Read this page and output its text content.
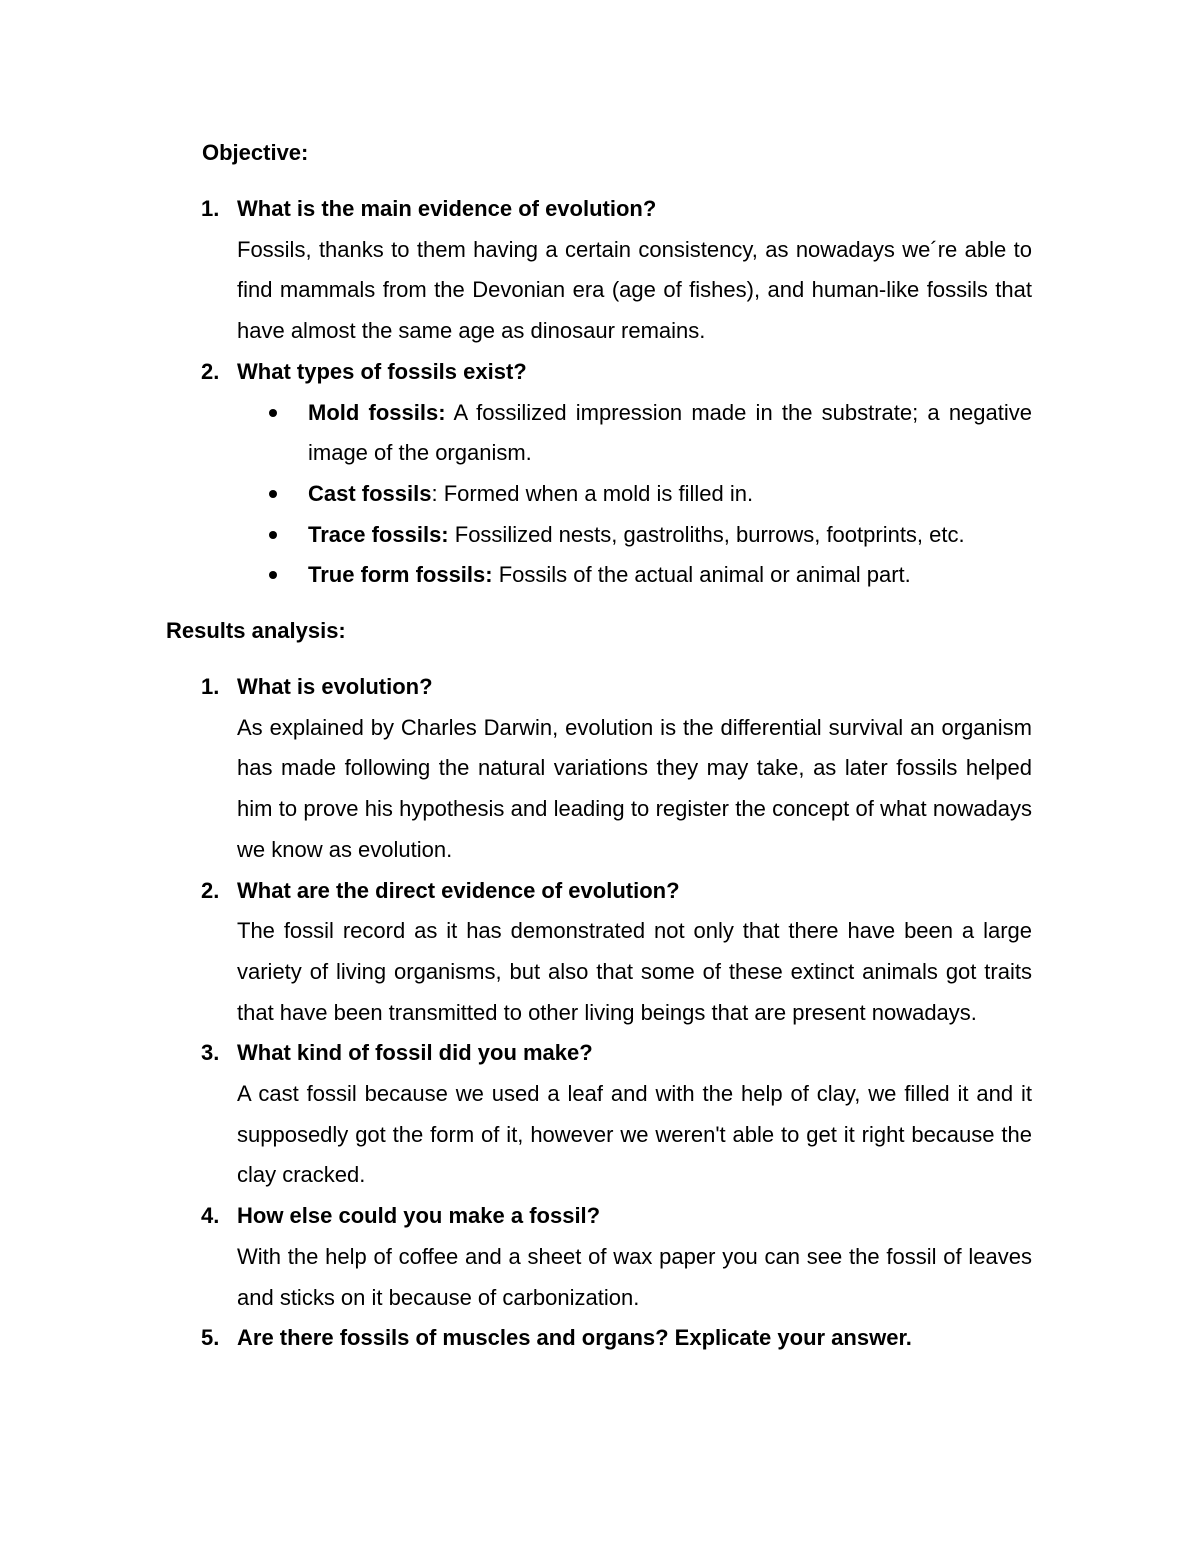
Objective:
1. What is the main evidence of evolution?
Fossils, thanks to them having a certain consistency, as nowadays we´re able to find mammals from the Devonian era (age of fishes), and human-like fossils that have almost the same age as dinosaur remains.
2. What types of fossils exist?
Mold fossils: A fossilized impression made in the substrate; a negative image of the organism.
Cast fossils: Formed when a mold is filled in.
Trace fossils: Fossilized nests, gastroliths, burrows, footprints, etc.
True form fossils: Fossils of the actual animal or animal part.
Results analysis:
1. What is evolution?
As explained by Charles Darwin, evolution is the differential survival an organism has made following the natural variations they may take, as later fossils helped him to prove his hypothesis and leading to register the concept of what nowadays we know as evolution.
2. What are the direct evidence of evolution?
The fossil record as it has demonstrated not only that there have been a large variety of living organisms, but also that some of these extinct animals got traits that have been transmitted to other living beings that are present nowadays.
3. What kind of fossil did you make?
A cast fossil because we used a leaf and with the help of clay, we filled it and it supposedly got the form of it, however we weren't able to get it right because the clay cracked.
4. How else could you make a fossil?
With the help of coffee and a sheet of wax paper you can see the fossil of leaves and sticks on it because of carbonization.
5. Are there fossils of muscles and organs? Explicate your answer.
